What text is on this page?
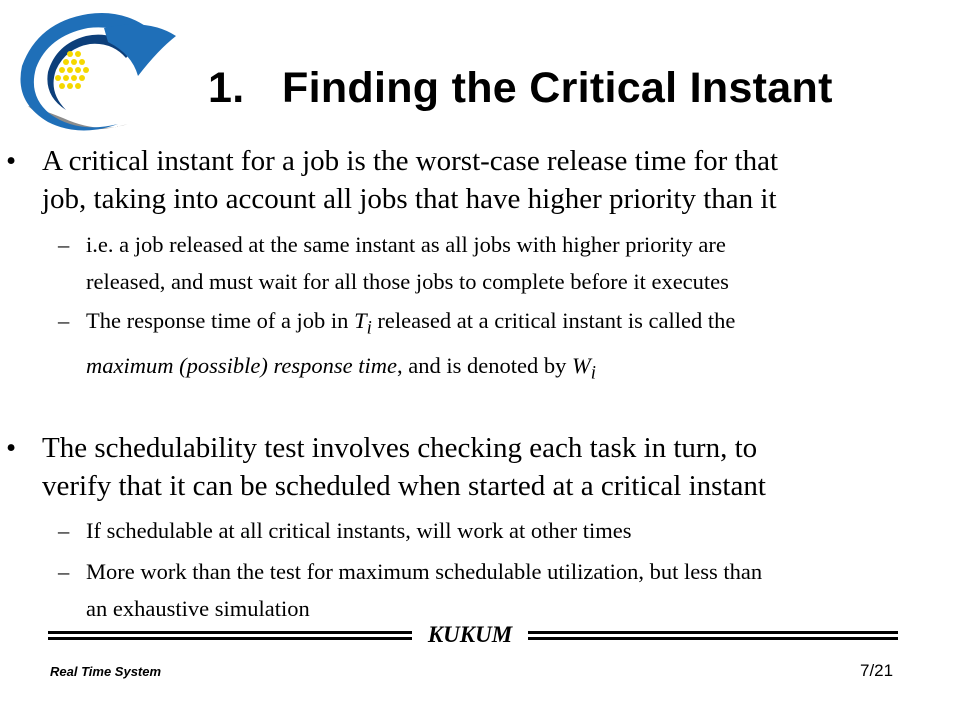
1. Finding the Critical Instant
• A critical instant for a job is the worst-case release time for that
job, taking into account all jobs that have higher priority than it
– i.e. a job released at the same instant as all jobs with higher priority are
released, and must wait for all those jobs to complete before it executes
– The response time of a job in $T_i$ released at a critical instant is called the
maximum (possible) response time, and is denoted by $W_i$
• The schedulability test involves checking each task in turn, to
verify that it can be scheduled when started at a critical instant
– If schedulable at all critical instants, will work at other times
– More work than the test for maximum schedulable utilization, but less than
an exhaustive simulation
KUKUM
Real Time System	7/21
